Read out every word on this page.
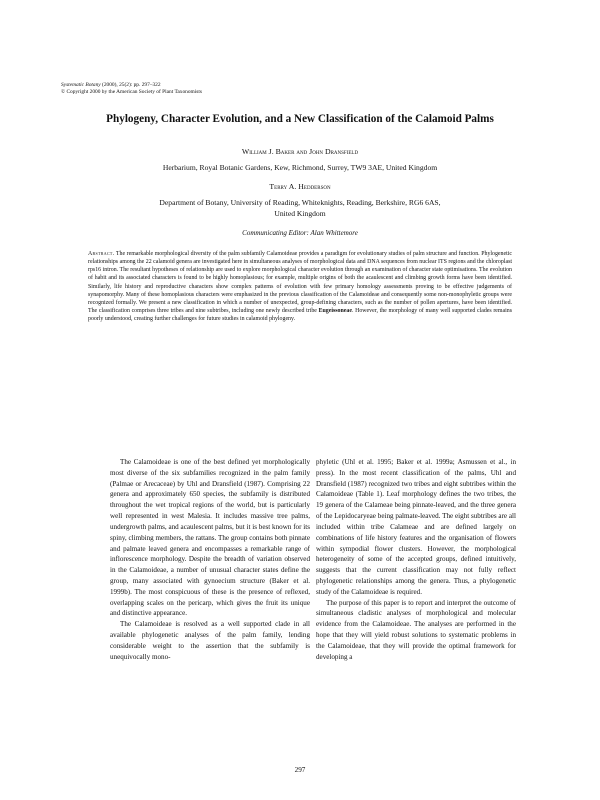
Systematic Botany (2000), 25(2): pp. 297–322
© Copyright 2000 by the American Society of Plant Taxonomists
Phylogeny, Character Evolution, and a New Classification of the Calamoid Palms
William J. Baker and John Dransfield
Herbarium, Royal Botanic Gardens, Kew, Richmond, Surrey, TW9 3AE, United Kingdom
Terry A. Hedderson
Department of Botany, University of Reading, Whiteknights, Reading, Berkshire, RG6 6AS,
United Kingdom
Communicating Editor: Alan Whittemore

Abstract. The remarkable morphological diversity of the palm subfamily Calamoideae provides a paradigm for evolutionary studies of palm structure and function. Phylogenetic relationships among the 22 calamoid genera are investigated here in simultaneous analyses of morphological data and DNA sequences from nuclear ITS regions and the chloroplast rps16 intron. The resultant hypotheses of relationship are used to explore morphological character evolution through an examination of character state optimisations. The evolution of habit and its associated characters is found to be highly homoplasious; for example, multiple origins of both the acaulescent and climbing growth forms have been identified. Similarly, life history and reproductive characters show complex patterns of evolution with few primary homology assessments proving to be effective judgements of synapomorphy. Many of these homoplasious characters were emphasized in the previous classification of the Calamoideae and consequently some non-monophyletic groups were recognized formally. We present a new classification in which a number of unexpected, group-defining characters, such as the number of pollen apertures, have been identified. The classification comprises three tribes and nine subtribes, including one newly described tribe Eugeissoneae. However, the morphology of many well supported clades remains poorly understood, creating further challenges for future studies in calamoid phylogeny.

The Calamoideae is one of the best defined yet morphologically most diverse of the six subfamilies recognized in the palm family (Palmae or Arecaceae) by Uhl and Dransfield (1987). Comprising 22 genera and approximately 650 species, the subfamily is distributed throughout the wet tropical regions of the world, but is particularly well represented in west Malesia. It includes massive tree palms, undergrowth palms, and acaulescent palms, but it is best known for its spiny, climbing members, the rattans. The group contains both pinnate and palmate leaved genera and encompasses a remarkable range of inflorescence morphology. Despite the breadth of variation observed in the Calamoideae, a number of unusual character states define the group, many associated with gynoecium structure (Baker et al. 1999b). The most conspicuous of these is the presence of reflexed, overlapping scales on the pericarp, which gives the fruit its unique and distinctive appearance.

The Calamoideae is resolved as a well supported clade in all available phylogenetic analyses of the palm family, lending considerable weight to the assertion that the subfamily is unequivocally mono-

phyletic (Uhl et al. 1995; Baker et al. 1999a; Asmussen et al., in press). In the most recent classification of the palms, Uhl and Dransfield (1987) recognized two tribes and eight subtribes within the Calamoideae (Table 1). Leaf morphology defines the two tribes, the 19 genera of the Calameae being pinnate-leaved, and the three genera of the Lepidocaryeae being palmate-leaved. The eight subtribes are all included within tribe Calameae and are defined largely on combinations of life history features and the organisation of flowers within sympodial flower clusters. However, the morphological heterogeneity of some of the accepted groups, defined intuitively, suggests that the current classification may not fully reflect phylogenetic relationships among the genera. Thus, a phylogenetic study of the Calamoideae is required.

The purpose of this paper is to report and interpret the outcome of simultaneous cladistic analyses of morphological and molecular evidence from the Calamoideae. The analyses are performed in the hope that they will yield robust solutions to systematic problems in the Calamoideae, that they will provide the optimal framework for developing a

297
